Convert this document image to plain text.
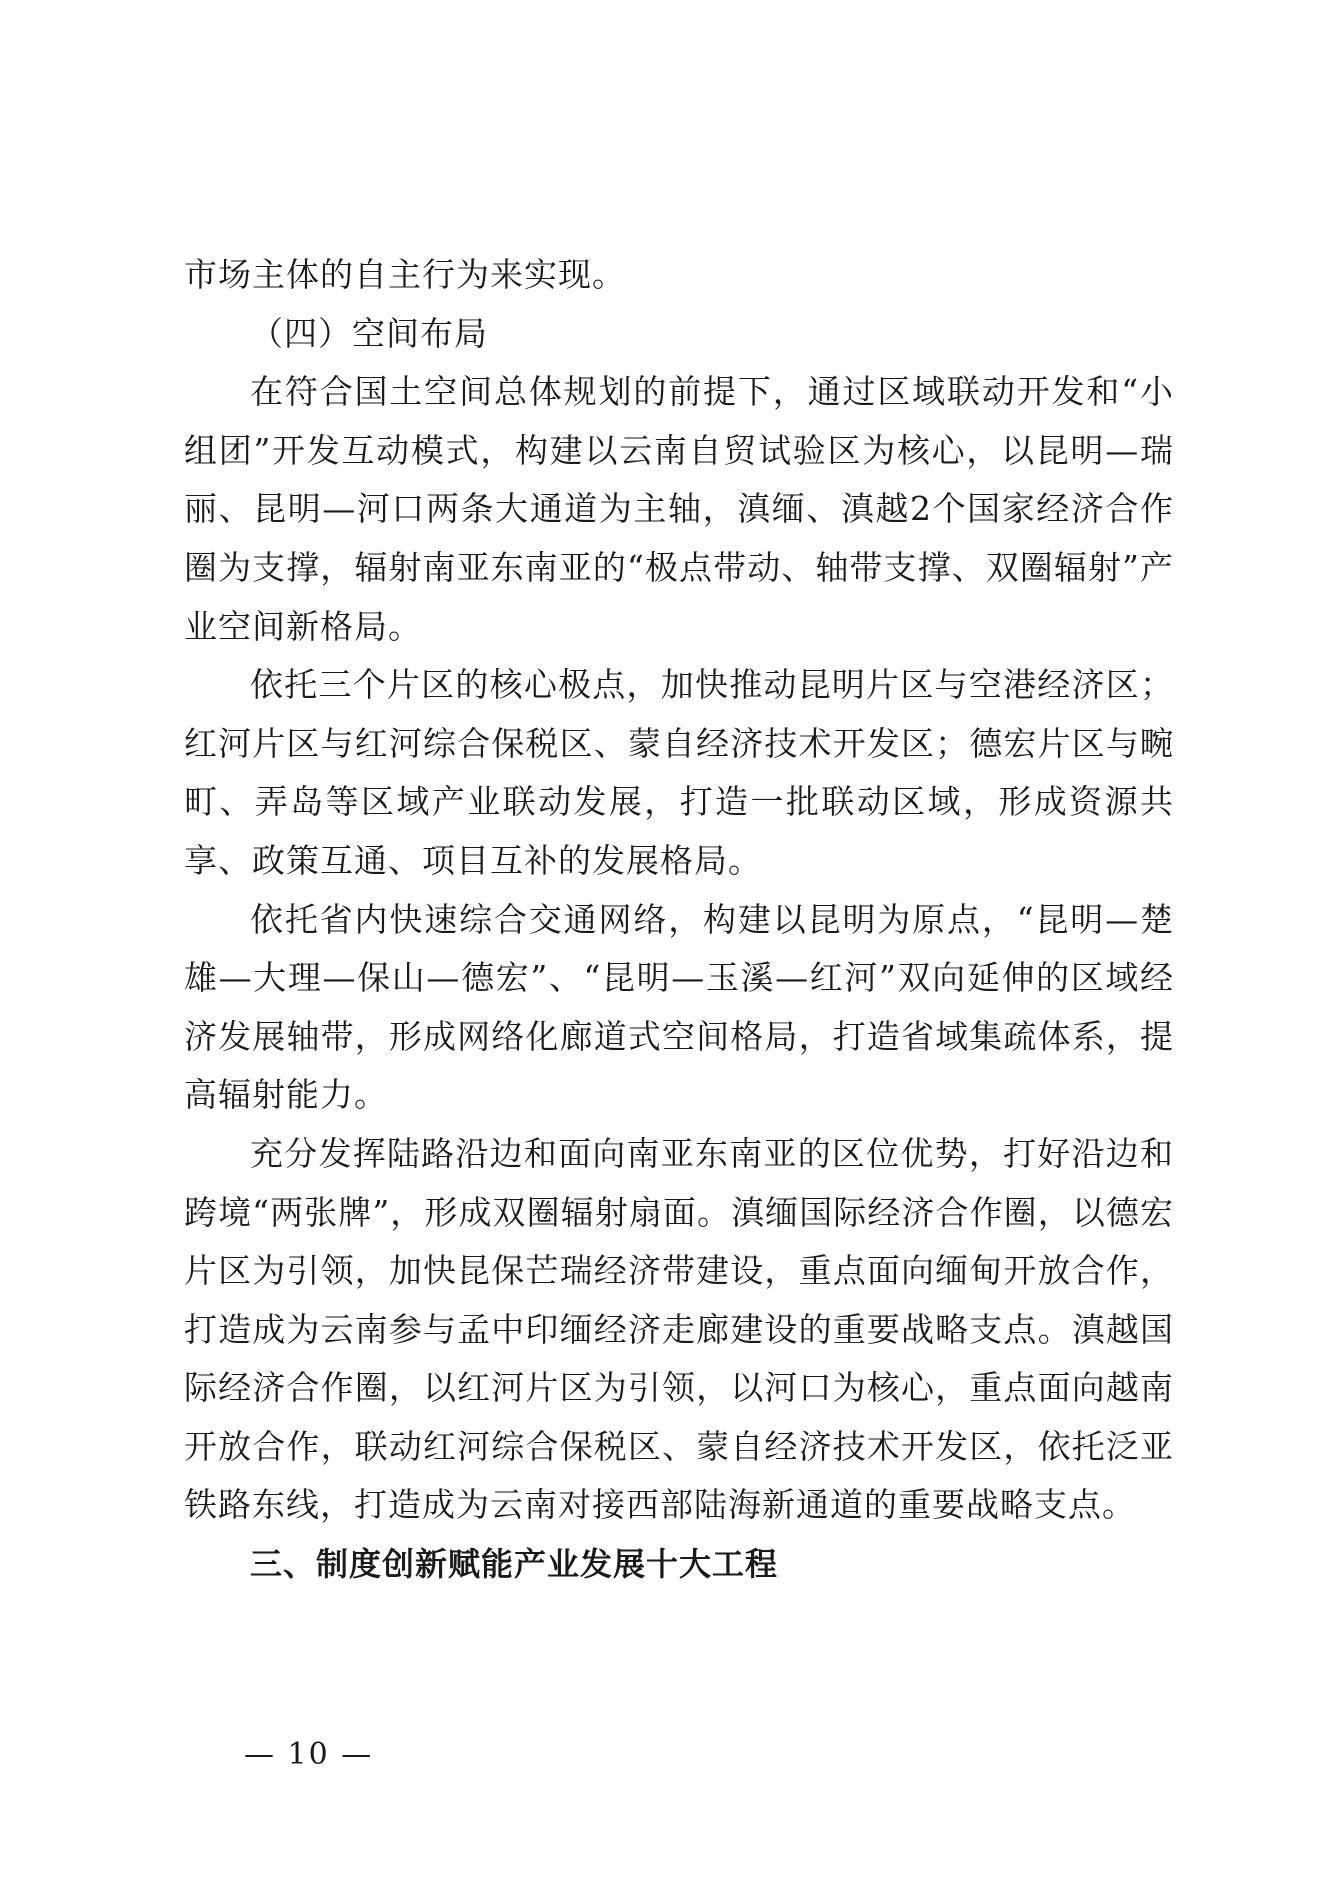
市场主体的自主行为来实现。

（四）空间布局

在符合国土空间总体规划的前提下，通过区域联动开发和“小组团”开发互动模式，构建以云南自贸试验区为核心，以昆明—瑞丽、昆明—河口两条大通道为主轴，滇缅、滇越2个国家经济合作圈为支撑，辐射南亚东南亚的“极点带动、轴带支撑、双圈辐射”产业空间新格局。

依托三个片区的核心极点，加快推动昆明片区与空港经济区；红河片区与红河综合保税区、蒙自经济技术开发区；德宏片区与畹町、弄岛等区域产业联动发展，打造一批联动区域，形成资源共享、政策互通、项目互补的发展格局。

依托省内快速综合交通网络，构建以昆明为原点，“昆明—楚雄—大理—保山—德宏”、“昆明—玉溪—红河”双向延伸的区域经济发展轴带，形成网络化廊道式空间格局，打造省域集疏体系，提高辐射能力。

充分发挥陆路沿边和面向南亚东南亚的区位优势，打好沿边和跨境“两张牌”，形成双圈辐射扇面。滇缅国际经济合作圈，以德宏片区为引领，加快昆保芒瑞经济带建设，重点面向缅甸开放合作，打造成为云南参与孟中印缅经济走廊建设的重要战略支点。滇越国际经济合作圈，以红河片区为引领，以河口为核心，重点面向越南开放合作，联动红河综合保税区、蒙自经济技术开发区，依托泛亚铁路东线，打造成为云南对接西部陆海新通道的重要战略支点。

三、制度创新赋能产业发展十大工程

— 10 —
